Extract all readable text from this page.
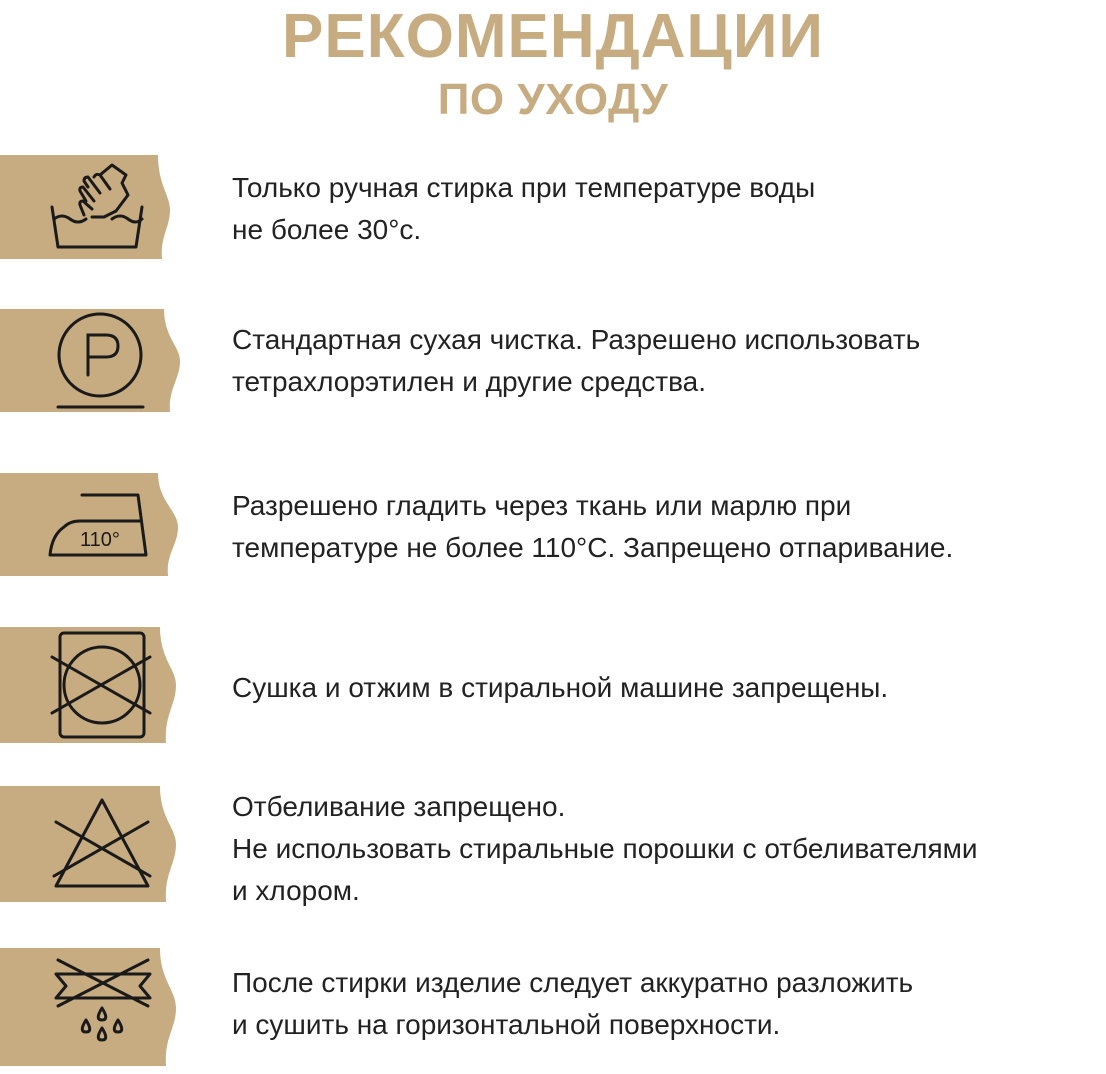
РЕКОМЕНДАЦИИ
ПО УХОДУ

Только ручная стирка при температуре воды
не более 30°с.

Стандартная сухая чистка. Разрешено использовать
тетрахлорэтилен и другие средства.

110°

Разрешено гладить через ткань или марлю при
температуре не более 110°С. Запрещено отпаривание.

Сушка и отжим в стиральной машине запрещены.

Отбеливание запрещено.
Не использовать стиральные порошки с отбеливателями
и хлором.

После стирки изделие следует аккуратно разложить
и сушить на горизонтальной поверхности.
